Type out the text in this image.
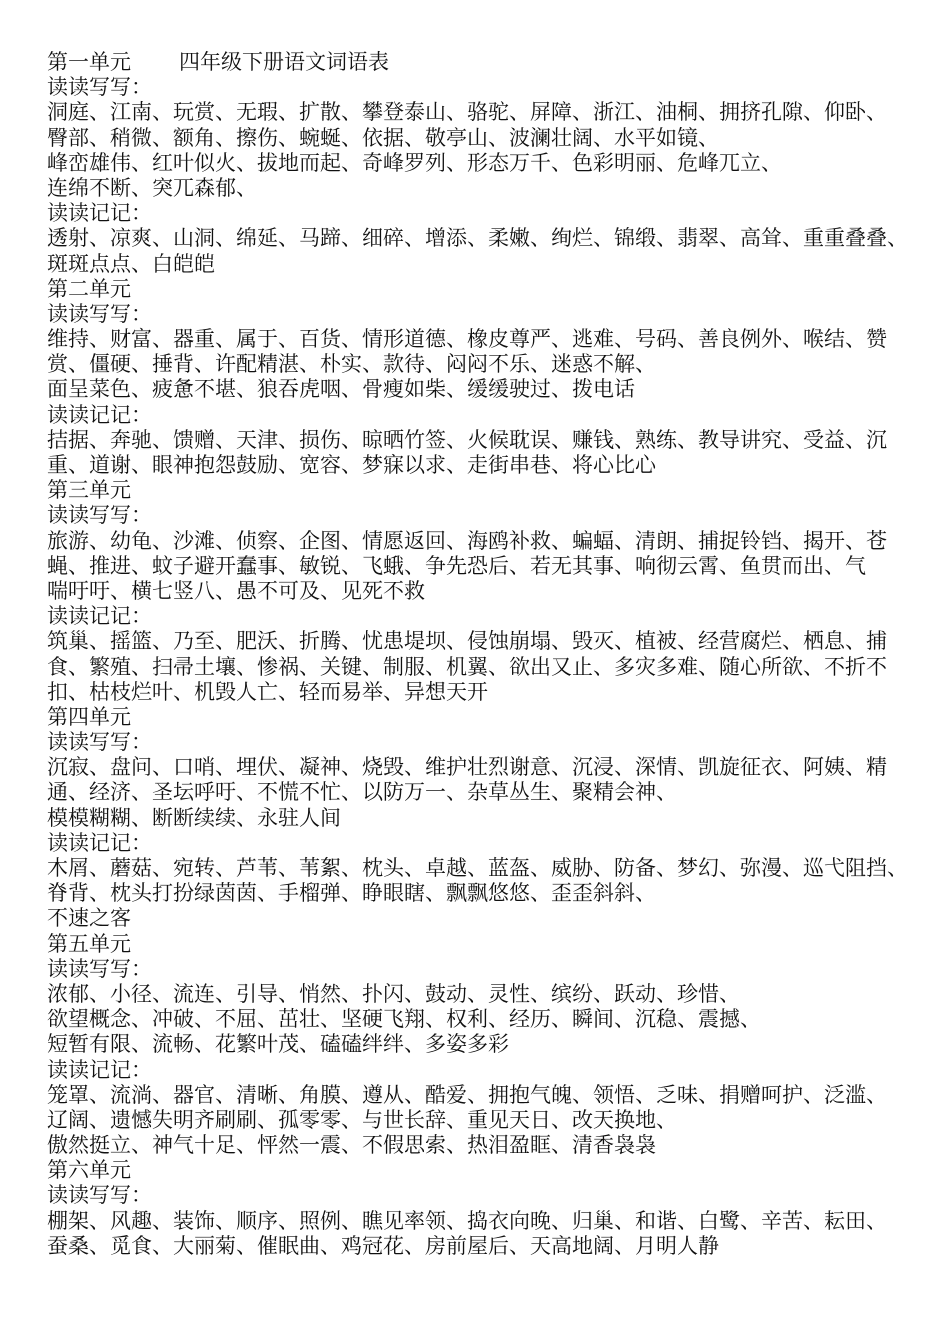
第一单元 四年级下册语文词语表
读读写写：
洞庭、江南、玩赏、无瑕、扩散、攀登泰山、骆驼、屏障、浙江、油桐、拥挤孔隙、仰卧、
臀部、稍微、额角、擦伤、蜿蜒、依据、敬亭山、波澜壮阔、水平如镜、
峰峦雄伟、红叶似火、拔地而起、奇峰罗列、形态万千、色彩明丽、危峰兀立、
连绵不断、突兀森郁、
读读记记：
透射、凉爽、山洞、绵延、马蹄、细碎、增添、柔嫩、绚烂、锦缎、翡翠、高耸、重重叠叠、
斑斑点点、白皑皑
第二单元
读读写写：
维持、财富、器重、属于、百货、情形道德、橡皮尊严、逃难、号码、善良例外、喉结、赞
赏、僵硬、捶背、许配精湛、朴实、款待、闷闷不乐、迷惑不解、
面呈菜色、疲惫不堪、狼吞虎咽、骨瘦如柴、缓缓驶过、拨电话
读读记记：
拮据、奔驰、馈赠、天津、损伤、晾晒竹签、火候耽误、赚钱、熟练、教导讲究、受益、沉
重、道谢、眼神抱怨鼓励、宽容、梦寐以求、走街串巷、将心比心
第三单元
读读写写：
旅游、幼龟、沙滩、侦察、企图、情愿返回、海鸥补救、蝙蝠、清朗、捕捉铃铛、揭开、苍
蝇、推进、蚊子避开蠢事、敏锐、飞蛾、争先恐后、若无其事、响彻云霄、鱼贯而出、气
喘吁吁、横七竖八、愚不可及、见死不救
读读记记：
筑巢、摇篮、乃至、肥沃、折腾、忧患堤坝、侵蚀崩塌、毁灭、植被、经营腐烂、栖息、捕
食、繁殖、扫帚土壤、惨祸、关键、制服、机翼、欲出又止、多灾多难、随心所欲、不折不
扣、枯枝烂叶、机毁人亡、轻而易举、异想天开
第四单元
读读写写：
沉寂、盘问、口哨、埋伏、凝神、烧毁、维护壮烈谢意、沉浸、深情、凯旋征衣、阿姨、精
通、经济、圣坛呼吁、不慌不忙、以防万一、杂草丛生、聚精会神、
模模糊糊、断断续续、永驻人间
读读记记：
木屑、蘑菇、宛转、芦苇、苇絮、枕头、卓越、蓝盔、威胁、防备、梦幻、弥漫、巡弋阻挡、
脊背、枕头打扮绿茵茵、手榴弹、睁眼瞎、飘飘悠悠、歪歪斜斜、
不速之客
第五单元
读读写写：
浓郁、小径、流连、引导、悄然、扑闪、鼓动、灵性、缤纷、跃动、珍惜、
欲望概念、冲破、不屈、茁壮、坚硬飞翔、权利、经历、瞬间、沉稳、震撼、
短暂有限、流畅、花繁叶茂、磕磕绊绊、多姿多彩
读读记记：
笼罩、流淌、器官、清晰、角膜、遵从、酷爱、拥抱气魄、领悟、乏味、捐赠呵护、泛滥、
辽阔、遗憾失明齐刷刷、孤零零、与世长辞、重见天日、改天换地、
傲然挺立、神气十足、怦然一震、不假思索、热泪盈眶、清香袅袅
第六单元
读读写写：
棚架、风趣、装饰、顺序、照例、瞧见率领、捣衣向晚、归巢、和谐、白鹭、辛苦、耘田、
蚕桑、觅食、大丽菊、催眠曲、鸡冠花、房前屋后、天高地阔、月明人静
